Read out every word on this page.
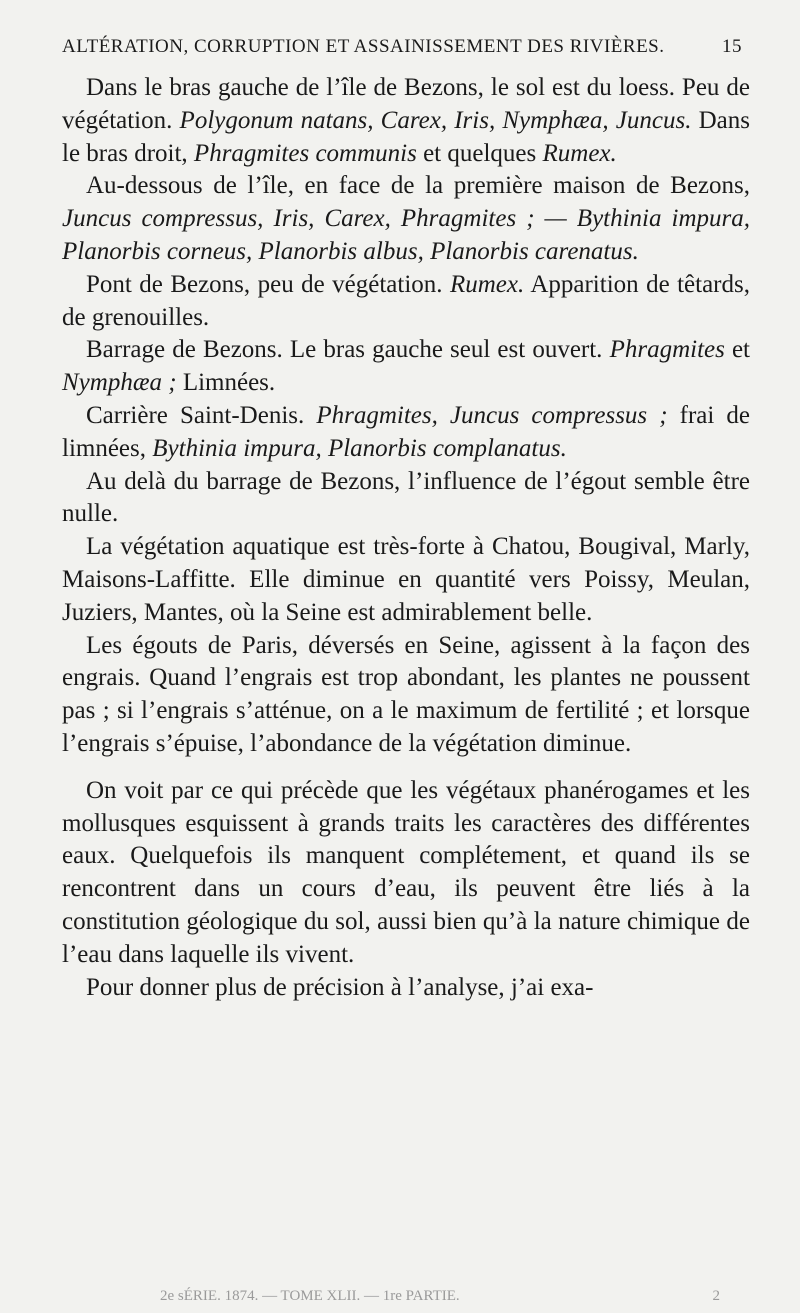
ALTÉRATION, CORRUPTION ET ASSAINISSEMENT DES RIVIÈRES.	15

Dans le bras gauche de l’île de Bezons, le sol est du loess. Peu de végétation. Polygonum natans, Carex, Iris, Nymphæa, Juncus. Dans le bras droit, Phragmites communis et quelques Rumex.

Au-dessous de l’île, en face de la première maison de Bezons, Juncus compressus, Iris, Carex, Phragmites ; — Bythinia impura, Planorbis corneus, Planorbis albus, Planorbis carenatus.

Pont de Bezons, peu de végétation. Rumex. Apparition de têtards, de grenouilles.

Barrage de Bezons. Le bras gauche seul est ouvert. Phragmites et Nymphæa ; Limnées.

Carrière Saint-Denis. Phragmites, Juncus compressus ; frai de limnées, Bythinia impura, Planorbis complanatus.

Au delà du barrage de Bezons, l’influence de l’égout semble être nulle.

La végétation aquatique est très-forte à Chatou, Bougival, Marly, Maisons-Laffitte. Elle diminue en quantité vers Poissy, Meulan, Juziers, Mantes, où la Seine est admirablement belle.

Les égouts de Paris, déversés en Seine, agissent à la façon des engrais. Quand l’engrais est trop abondant, les plantes ne poussent pas ; si l’engrais s’atténue, on a le maximum de fertilité ; et lorsque l’engrais s’épuise, l’abondance de la végétation diminue.

On voit par ce qui précède que les végétaux phanérogames et les mollusques esquissent à grands traits les caractères des différentes eaux. Quelquefois ils manquent complétement, et quand ils se rencontrent dans un cours d’eau, ils peuvent être liés à la constitution géologique du sol, aussi bien qu’à la nature chimique de l’eau dans laquelle ils vivent.

Pour donner plus de précision à l’analyse, j’ai exa-

2e sÉRIE. 1874. — TOME XLII. — 1re PARTIE.	2
